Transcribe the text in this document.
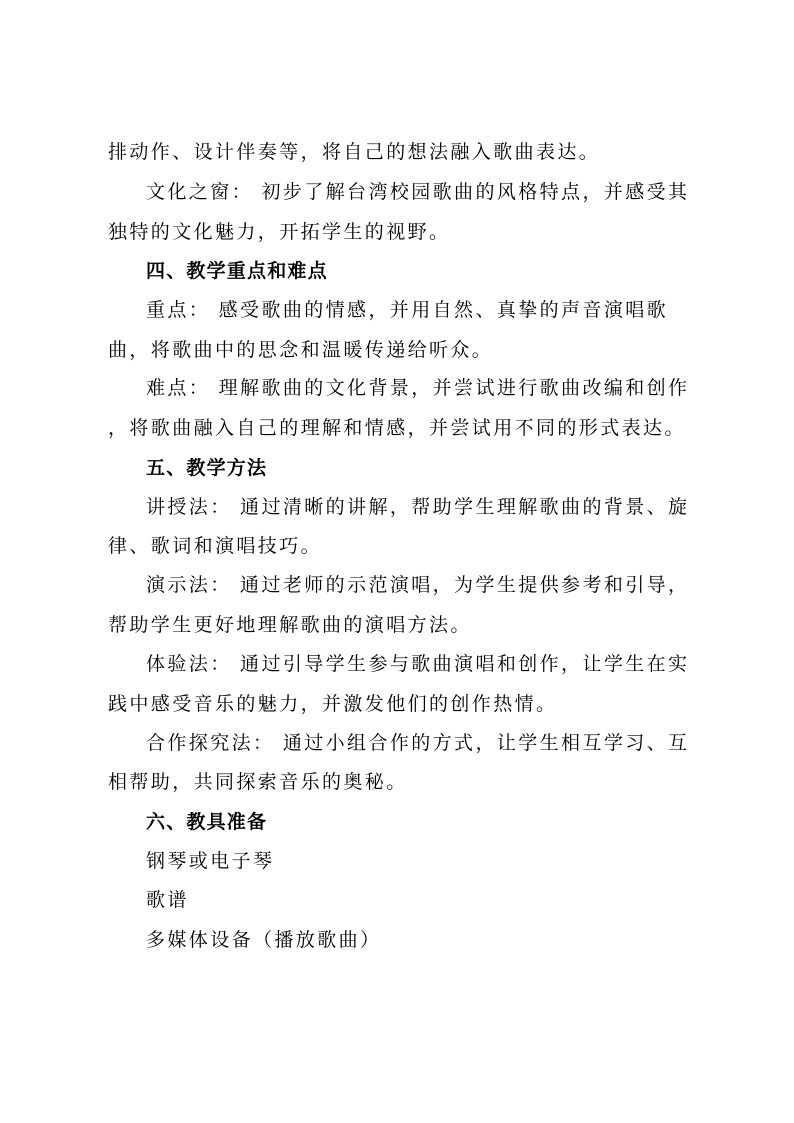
排动作、设计伴奏等，将自己的想法融入歌曲表达。
文化之窗： 初步了解台湾校园歌曲的风格特点，并感受其
独特的文化魅力，开拓学生的视野。
四、教学重点和难点
重点： 感受歌曲的情感，并用自然、真挚的声音演唱歌
曲，将歌曲中的思念和温暖传递给听众。
难点： 理解歌曲的文化背景，并尝试进行歌曲改编和创作
，将歌曲融入自己的理解和情感，并尝试用不同的形式表达。
五、教学方法
讲授法： 通过清晰的讲解，帮助学生理解歌曲的背景、旋
律、歌词和演唱技巧。
演示法： 通过老师的示范演唱，为学生提供参考和引导，
帮助学生更好地理解歌曲的演唱方法。
体验法： 通过引导学生参与歌曲演唱和创作，让学生在实
践中感受音乐的魅力，并激发他们的创作热情。
合作探究法： 通过小组合作的方式，让学生相互学习、互
相帮助，共同探索音乐的奥秘。
六、教具准备
钢琴或电子琴
歌谱
多媒体设备（播放歌曲）
